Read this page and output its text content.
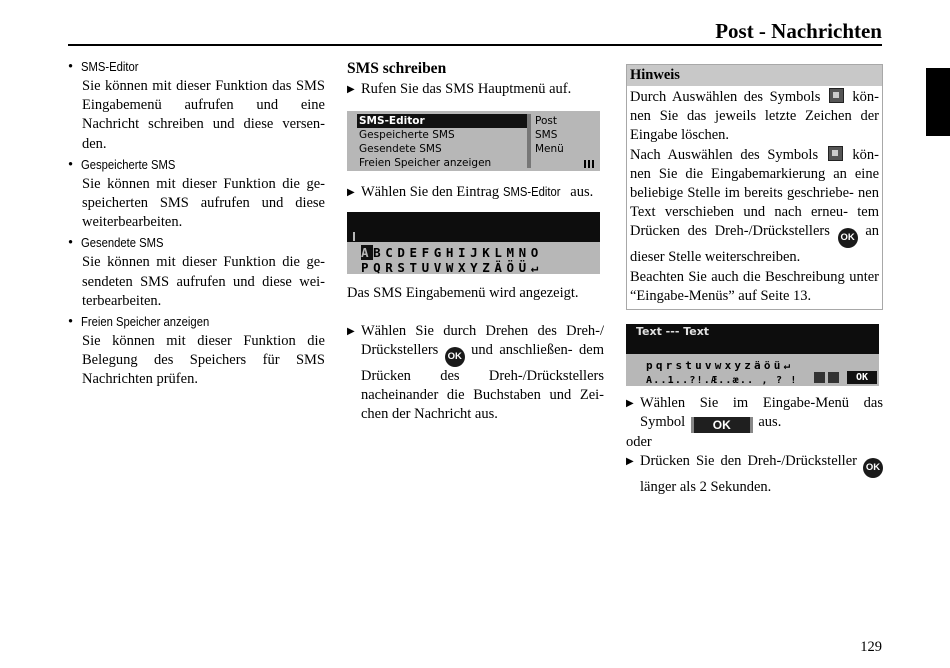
Post - Nachrichten
• SMS-Editor
Sie können mit dieser Funktion das SMS Eingabemenü aufrufen und eine Nachricht schreiben und diese versen- den.
• Gespeicherte SMS
Sie können mit dieser Funktion die ge- speicherten SMS aufrufen und diese weiterbearbeiten.
• Gesendete SMS
Sie können mit dieser Funktion die ge- sendeten SMS aufrufen und diese wei- terbearbeiten.
• Freien Speicher anzeigen
Sie können mit dieser Funktion die Belegung des Speichers für SMS Nachrichten prüfen.
SMS schreiben
▶ Rufen Sie das SMS Hauptmenü auf.
SMS-Editor
Gespeicherte SMS
Gesendete SMS
Freien Speicher anzeigen
Post
SMS
Menü
▶ Wählen Sie den Eintrag SMS-Editor aus.
ABCDEFGHIJKLMNO
PQRSTUVWXYZÄÖÜ↵
Das SMS Eingabemenü wird angezeigt.
▶ Wählen Sie durch Drehen des Dreh-/ Drückstellers OK und anschließen- dem Drücken des Dreh-/Drückstellers nacheinander die Buchstaben und Zei- chen der Nachricht aus.
Hinweis
Durch Auswählen des Symbols kön- nen Sie das jeweils letzte Zeichen der Eingabe löschen.
Nach Auswählen des Symbols kön- nen Sie die Eingabemarkierung an eine beliebige Stelle im bereits geschriebe- nen Text verschieben und nach erneu- tem Drücken des Dreh-/Drückstellers OK an dieser Stelle weiterschreiben.
Beachten Sie auch die Beschreibung unter “Eingabe-Menüs” auf Seite 13.
Text --- Text
pqrstuvwxyzäöü↵
A..1..?!.Æ..æ.. , ? !	OK
▶ Wählen Sie im Eingabe-Menü das Symbol OK aus.
oder
▶ Drücken Sie den Dreh-/Drücksteller OK länger als 2 Sekunden.
129
